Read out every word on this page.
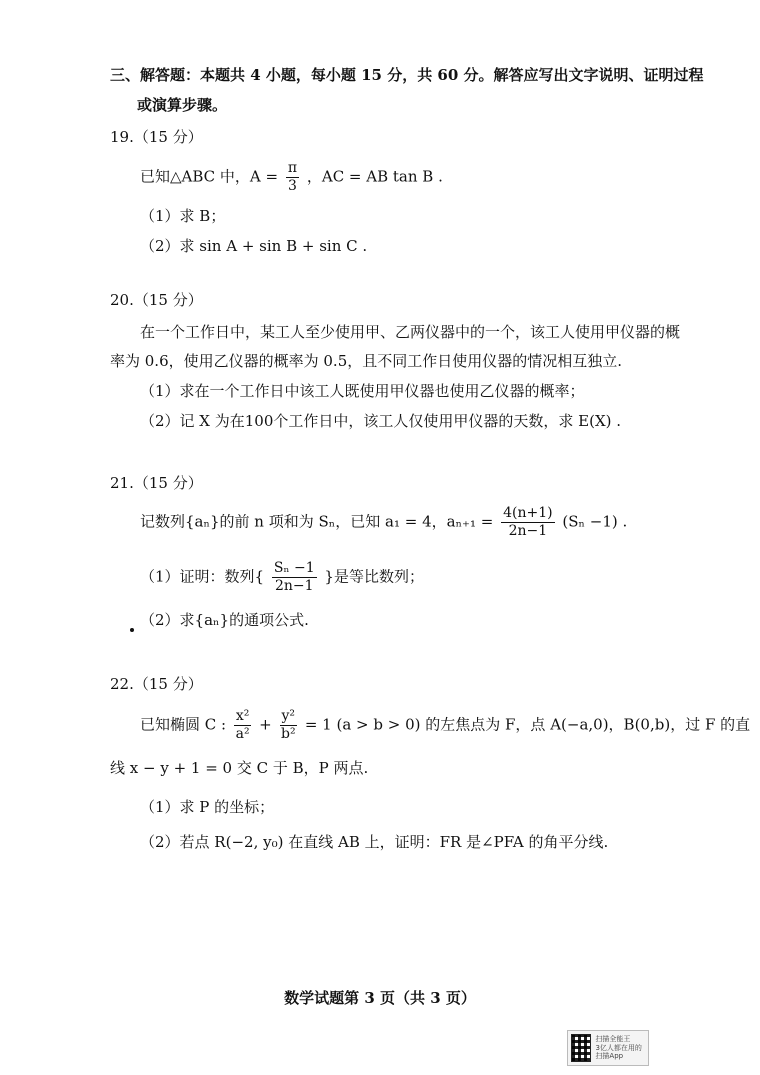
三、解答题：本题共 4 小题，每小题 15 分，共 60 分。解答应写出文字说明、证明过程
或演算步骤。
19.（15 分）
已知△ABC 中，$A = \frac{\pi}{3}$ ，AC = AB tan B .
（1）求 B；
（2）求 sin A + sin B + sin C .
20.（15 分）
在一个工作日中，某工人至少使用甲、乙两仪器中的一个，该工人使用甲仪器的概
率为 0.6，使用乙仪器的概率为 0.5，且不同工作日使用仪器的情况相互独立.
（1）求在一个工作日中该工人既使用甲仪器也使用乙仪器的概率；
（2）记 X 为在100个工作日中，该工人仅使用甲仪器的天数，求 E(X) .
21.（15 分）
记数列{aₙ}的前 n 项和为 Sₙ，已知 a₁ = 4，$a_{n+1} = \frac{4(n+1)}{2n-1} (S_n -1)$ .
（1）证明：数列{ $\frac{\text{Sₙ −1}}{2n-1}$ }是等比数列；
（2）求{aₙ}的通项公式.
22.（15 分）
已知椭圆 C : $\frac{\text{x²}}{\text{a²}} + \frac{\text{y²}}{\text{b²}} = 1$ (a > b > 0) 的左焦点为 F，点 A(−a,0)，B(0,b)，过 F 的直
线 x − y + 1 = 0 交 C 于 B，P 两点.
（1）求 P 的坐标；
（2）若点 R(−2, y₀) 在直线 AB 上，证明：FR 是∠PFA 的角平分线.
数学试题第 3 页（共 3 页）
扫描全能王
3亿人都在用的扫描App
